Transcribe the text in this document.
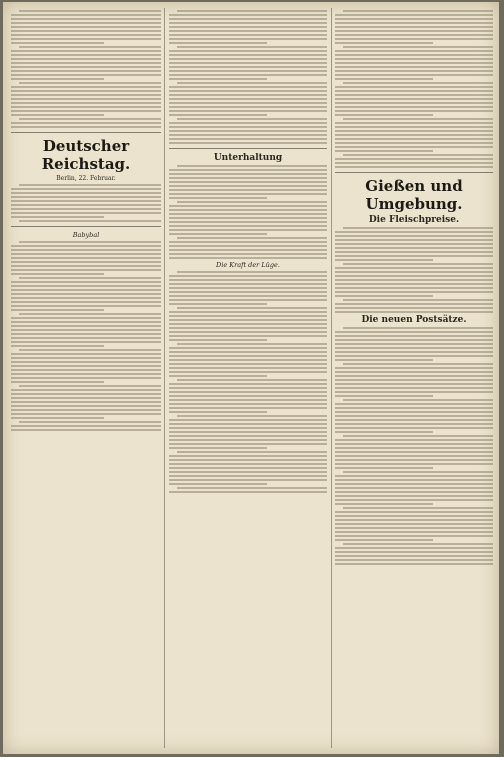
Deutscher Reichstag.
Berlin, 22. Februar.
Babybal
Unterhaltung
Die Kraft der Lüge.
Gießen und Umgebung.
Die Fleischpreise.
Die neuen Postsätze.
